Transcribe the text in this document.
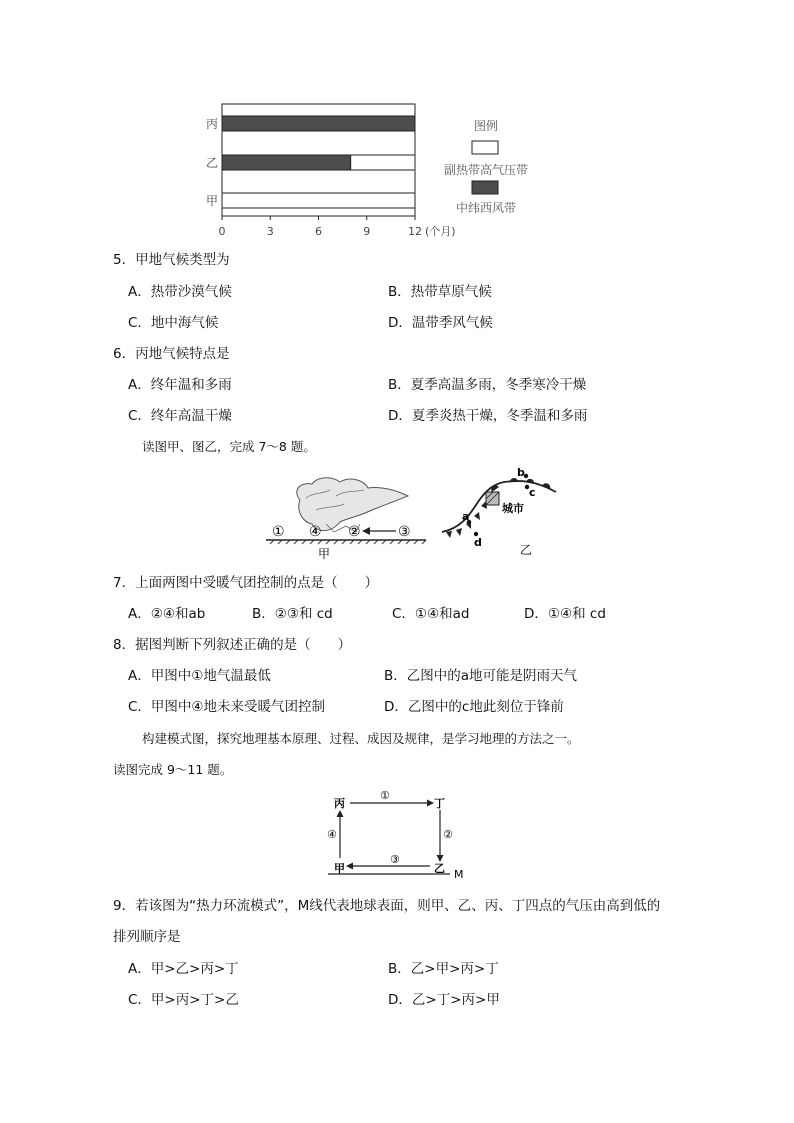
丙
乙
甲
0	3	6	9	12 (个月)
图例
副热带高气压带
中纬西风带
5．甲地气候类型为
A．热带沙漠气候	B．热带草原气候
C．地中海气候	D．温带季风气候
6．丙地气候特点是
A．终年温和多雨	B．夏季高温多雨，冬季寒冷干燥
C．终年高温干燥	D．夏季炎热干燥，冬季温和多雨
读图甲、图乙，完成 7～8 题。
① ④ ②	③
甲
城市
a
b
c
d
乙
7．上面两图中受暖气团控制的点是（　　）
A．②④和ab	B．②③和 cd	C．①④和ad	D．①④和 cd
8．据图判断下列叙述正确的是（　　）
A．甲图中①地气温最低	B．乙图中的a地可能是阴雨天气
C．甲图中④地未来受暖气团控制	D．乙图中的c地此刻位于锋前
构建模式图，探究地理基本原理、过程、成因及规律，是学习地理的方法之一。
读图完成 9～11 题。
丙	丁
甲	乙
①
②
③
④
M
9．若该图为“热力环流模式”，M线代表地球表面，则甲、乙、丙、丁四点的气压由高到低的
排列顺序是
A．甲>乙>丙>丁	B．乙>甲>丙>丁
C．甲>丙>丁>乙	D．乙>丁>丙>甲
